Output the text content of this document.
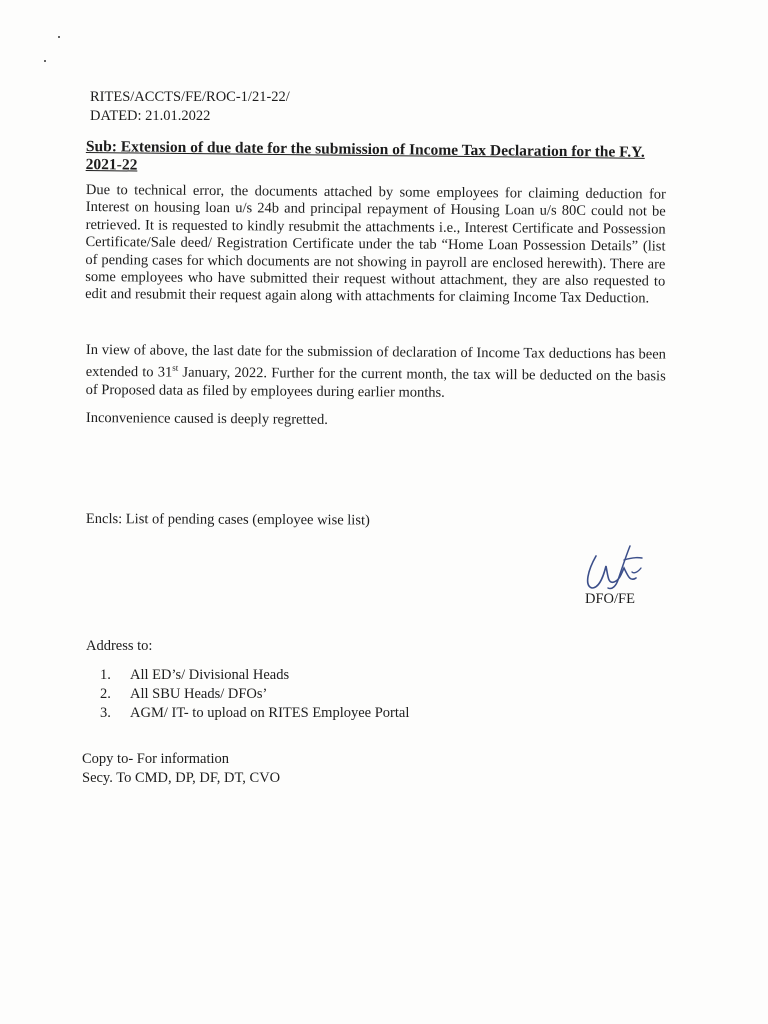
RITES/ACCTS/FE/ROC-1/21-22/
DATED: 21.01.2022
Sub: Extension of due date for the submission of Income Tax Declaration for the F.Y. 2021-22
Due to technical error, the documents attached by some employees for claiming deduction for Interest on housing loan u/s 24b and principal repayment of Housing Loan u/s 80C could not be retrieved. It is requested to kindly resubmit the attachments i.e., Interest Certificate and Possession Certificate/Sale deed/ Registration Certificate under the tab “Home Loan Possession Details” (list of pending cases for which documents are not showing in payroll are enclosed herewith). There are some employees who have submitted their request without attachment, they are also requested to edit and resubmit their request again along with attachments for claiming Income Tax Deduction.
In view of above, the last date for the submission of declaration of Income Tax deductions has been extended to 31st January, 2022. Further for the current month, the tax will be deducted on the basis of Proposed data as filed by employees during earlier months.
Inconvenience caused is deeply regretted.
Encls: List of pending cases (employee wise list)
DFO/FE
Address to:
1.	All ED’s/ Divisional Heads
2.	All SBU Heads/ DFOs’
3.	AGM/ IT- to upload on RITES Employee Portal
Copy to- For information
Secy. To CMD, DP, DF, DT, CVO
